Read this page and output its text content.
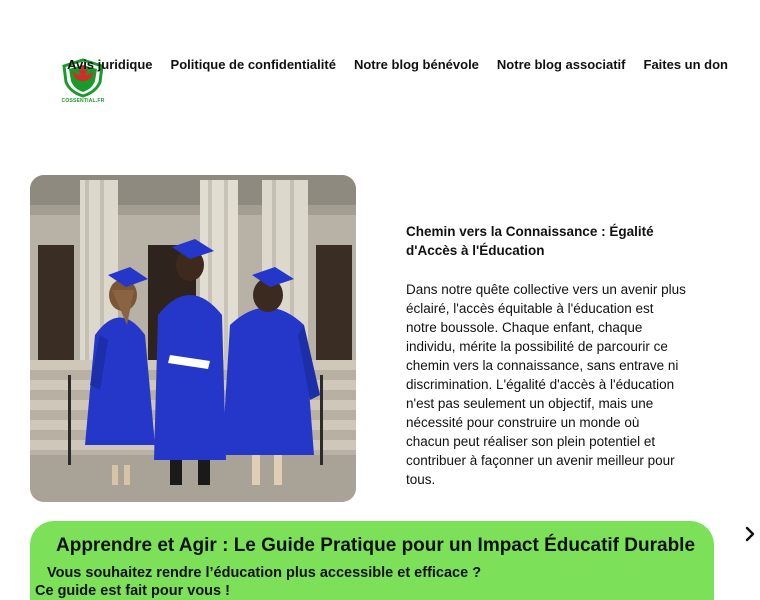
COSSENTIAL.FR
Avis juridique Politique de confidentialité Notre blog bénévole Notre blog associatif Faites un don
Chemin vers la Connaissance : Égalité d'Accès à l'Éducation

Dans notre quête collective vers un avenir plus éclairé, l'accès équitable à l'éducation est notre boussole. Chaque enfant, chaque individu, mérite la possibilité de parcourir ce chemin vers la connaissance, sans entrave ni discrimination. L'égalité d'accès à l'éducation n'est pas seulement un objectif, mais une nécessité pour construire un monde où chacun peut réaliser son plein potentiel et contribuer à façonner un avenir meilleur pour tous.

Apprendre et Agir : Le Guide Pratique pour un Impact Éducatif Durable
Vous souhaitez rendre l’éducation plus accessible et efficace ?
Ce guide est fait pour vous !
